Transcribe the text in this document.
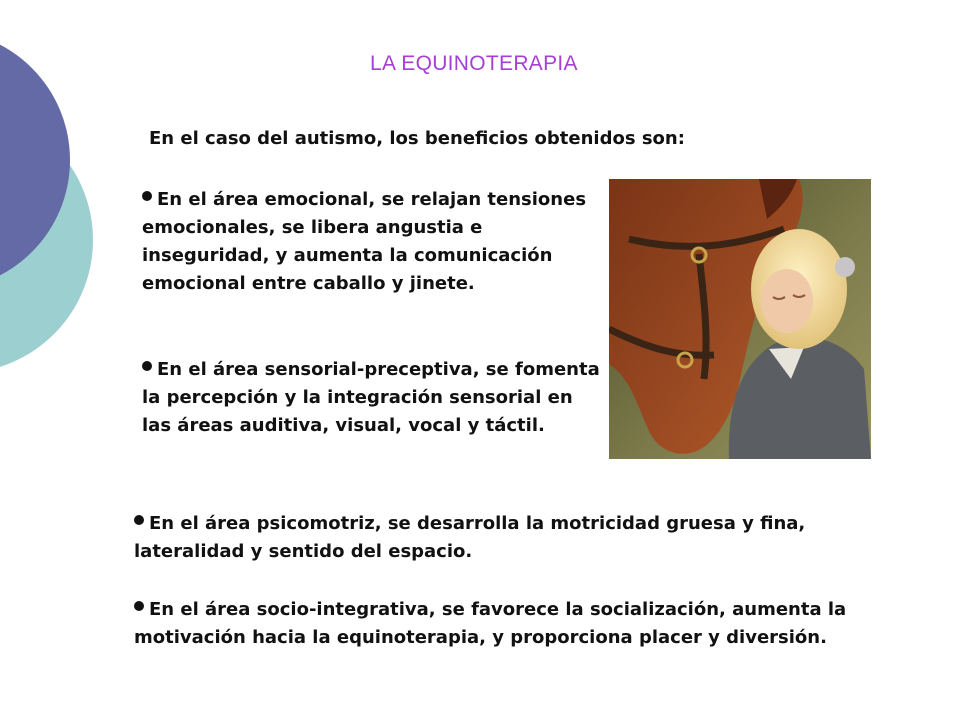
LA EQUINOTERAPIA
En el caso del autismo, los beneficios obtenidos son:
En el área emocional, se relajan tensiones emocionales, se libera angustia e inseguridad, y aumenta la comunicación emocional entre caballo y jinete.
En el área sensorial-preceptiva, se fomenta la percepción y la integración sensorial en las áreas auditiva, visual, vocal y táctil.
En el área psicomotriz, se desarrolla la motricidad gruesa y fina, lateralidad y sentido del espacio.
En el área socio-integrativa, se favorece la socialización, aumenta la motivación hacia la equinoterapia, y proporciona placer y diversión.
